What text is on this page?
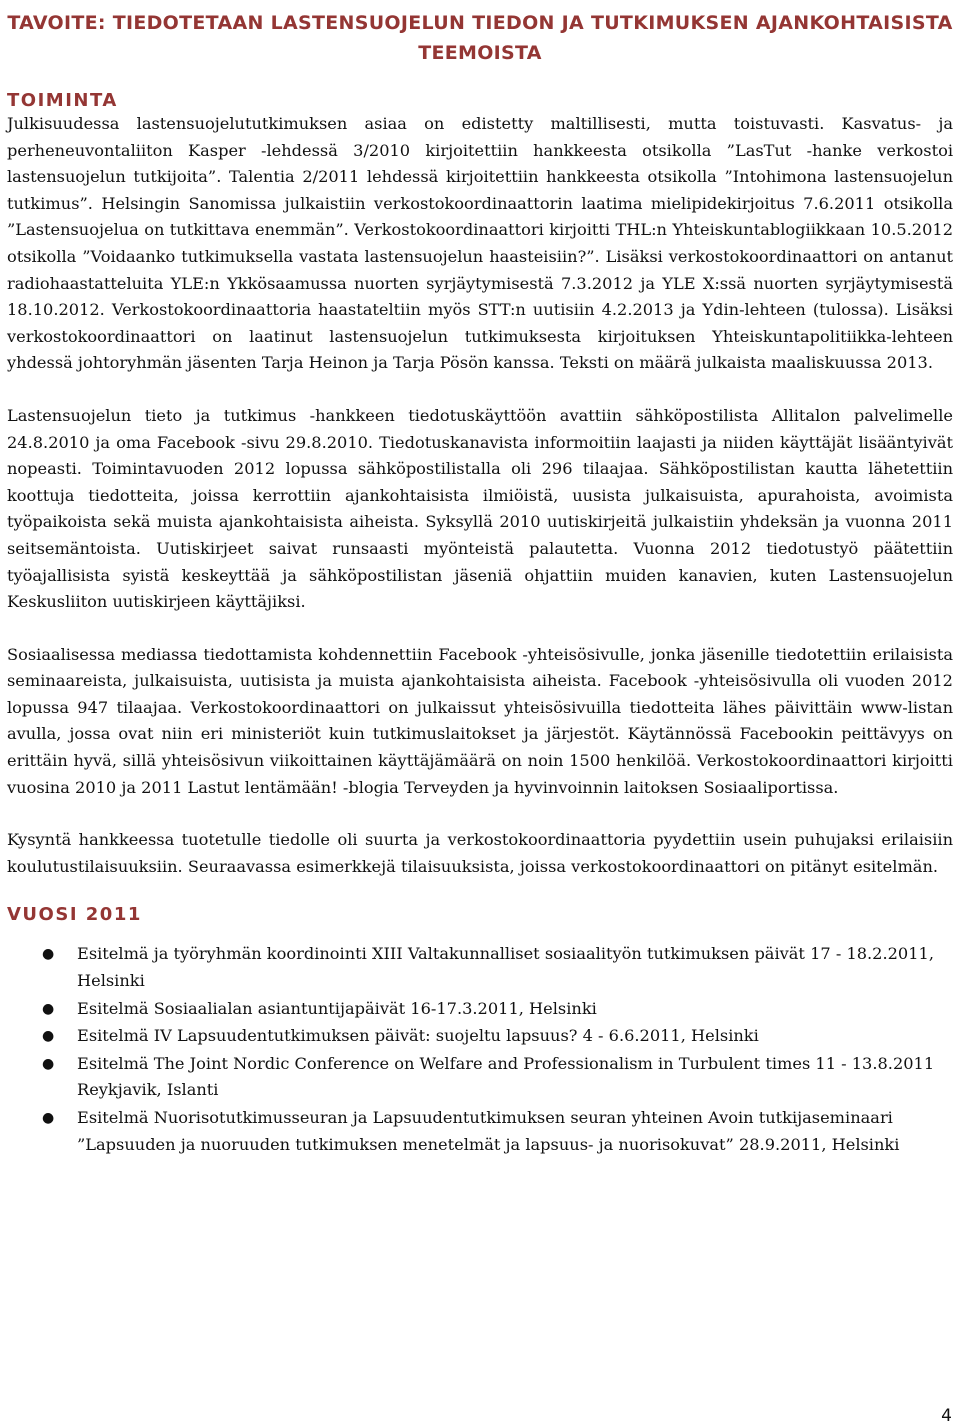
TAVOITE: TIEDOTETAAN LASTENSUOJELUN TIEDON JA TUTKIMUKSEN AJANKOHTAISISTA TEEMOISTA
TOIMINTA

Julkisuudessa lastensuojelututkimuksen asiaa on edistetty maltillisesti, mutta toistuvasti. Kasvatus- ja perheneuvontaliiton Kasper -lehdessä 3/2010 kirjoitettiin hankkeesta otsikolla ”LasTut -hanke verkostoi lastensuojelun tutkijoita”. Talentia 2/2011 lehdessä kirjoitettiin hankkeesta otsikolla ”Intohimona lastensuojelun tutkimus”. Helsingin Sanomissa julkaistiin verkostokoordinaattorin laatima mielipidekirjoitus 7.6.2011 otsikolla ”Lastensuojelua on tutkittava enemmän”. Verkostokoordinaattori kirjoitti THL:n Yhteiskuntablogiikkaan 10.5.2012 otsikolla ”Voidaanko tutkimuksella vastata lastensuojelun haasteisiin?”. Lisäksi verkostokoordinaattori on antanut radiohaastatteluita YLE:n Ykkösaamussa nuorten syrjäytymisestä 7.3.2012 ja YLE X:ssä nuorten syrjäytymisestä 18.10.2012. Verkostokoordinaattoria haastateltiin myös STT:n uutisiin 4.2.2013 ja Ydin-lehteen (tulossa). Lisäksi verkostokoordinaattori on laatinut lastensuojelun tutkimuksesta kirjoituksen Yhteiskuntapolitiikka-lehteen yhdessä johtoryhmän jäsenten Tarja Heinon ja Tarja Pösön kanssa. Teksti on määrä julkaista maaliskuussa 2013.

Lastensuojelun tieto ja tutkimus -hankkeen tiedotuskäyttöön avattiin sähköpostilista Allitalon palvelimelle 24.8.2010 ja oma Facebook -sivu 29.8.2010. Tiedotuskanavista informoitiin laajasti ja niiden käyttäjät lisääntyivät nopeasti. Toimintavuoden 2012 lopussa sähköpostilistalla oli 296 tilaajaa. Sähköpostilistan kautta lähetettiin koottuja tiedotteita, joissa kerrottiin ajankohtaisista ilmiöistä, uusista julkaisuista, apurahoista, avoimista työpaikoista sekä muista ajankohtaisista aiheista. Syksyllä 2010 uutiskirjeitä julkaistiin yhdeksän ja vuonna 2011 seitsemäntoista. Uutiskirjeet saivat runsaasti myönteistä palautetta. Vuonna 2012 tiedotustyö päätettiin työajallisista syistä keskeyttää ja sähköpostilistan jäseniä ohjattiin muiden kanavien, kuten Lastensuojelun Keskusliiton uutiskirjeen käyttäjiksi.

Sosiaalisessa mediassa tiedottamista kohdennettiin Facebook -yhteisösivulle, jonka jäsenille tiedotettiin erilaisista seminaareista, julkaisuista, uutisista ja muista ajankohtaisista aiheista. Facebook -yhteisösivulla oli vuoden 2012 lopussa 947 tilaajaa. Verkostokoordinaattori on julkaissut yhteisösivuilla tiedotteita lähes päivittäin www-listan avulla, jossa ovat niin eri ministeriöt kuin tutkimuslaitokset ja järjestöt. Käytännössä Facebookin peittävyys on erittäin hyvä, sillä yhteisösivun viikoittainen käyttäjämäärä on noin 1500 henkilöä. Verkostokoordinaattori kirjoitti vuosina 2010 ja 2011 Lastut lentämään! -blogia Terveyden ja hyvinvoinnin laitoksen Sosiaaliportissa.

Kysyntä hankkeessa tuotetulle tiedolle oli suurta ja verkostokoordinaattoria pyydettiin usein puhujaksi erilaisiin koulutustilaisuuksiin. Seuraavassa esimerkkejä tilaisuuksista, joissa verkostokoordinaattori on pitänyt esitelmän.

VUOSI 2011
● Esitelmä ja työryhmän koordinointi XIII Valtakunnalliset sosiaalityön tutkimuksen päivät 17 - 18.2.2011, Helsinki
● Esitelmä Sosiaalialan asiantuntijapäivät 16-17.3.2011, Helsinki
● Esitelmä IV Lapsuudentutkimuksen päivät: suojeltu lapsuus? 4 - 6.6.2011, Helsinki
● Esitelmä The Joint Nordic Conference on Welfare and Professionalism in Turbulent times 11 - 13.8.2011 Reykjavik, Islanti
● Esitelmä Nuorisotutkimusseuran ja Lapsuudentutkimuksen seuran yhteinen Avoin tutkijaseminaari ”Lapsuuden ja nuoruuden tutkimuksen menetelmät ja lapsuus- ja nuorisokuvat” 28.9.2011, Helsinki
4
